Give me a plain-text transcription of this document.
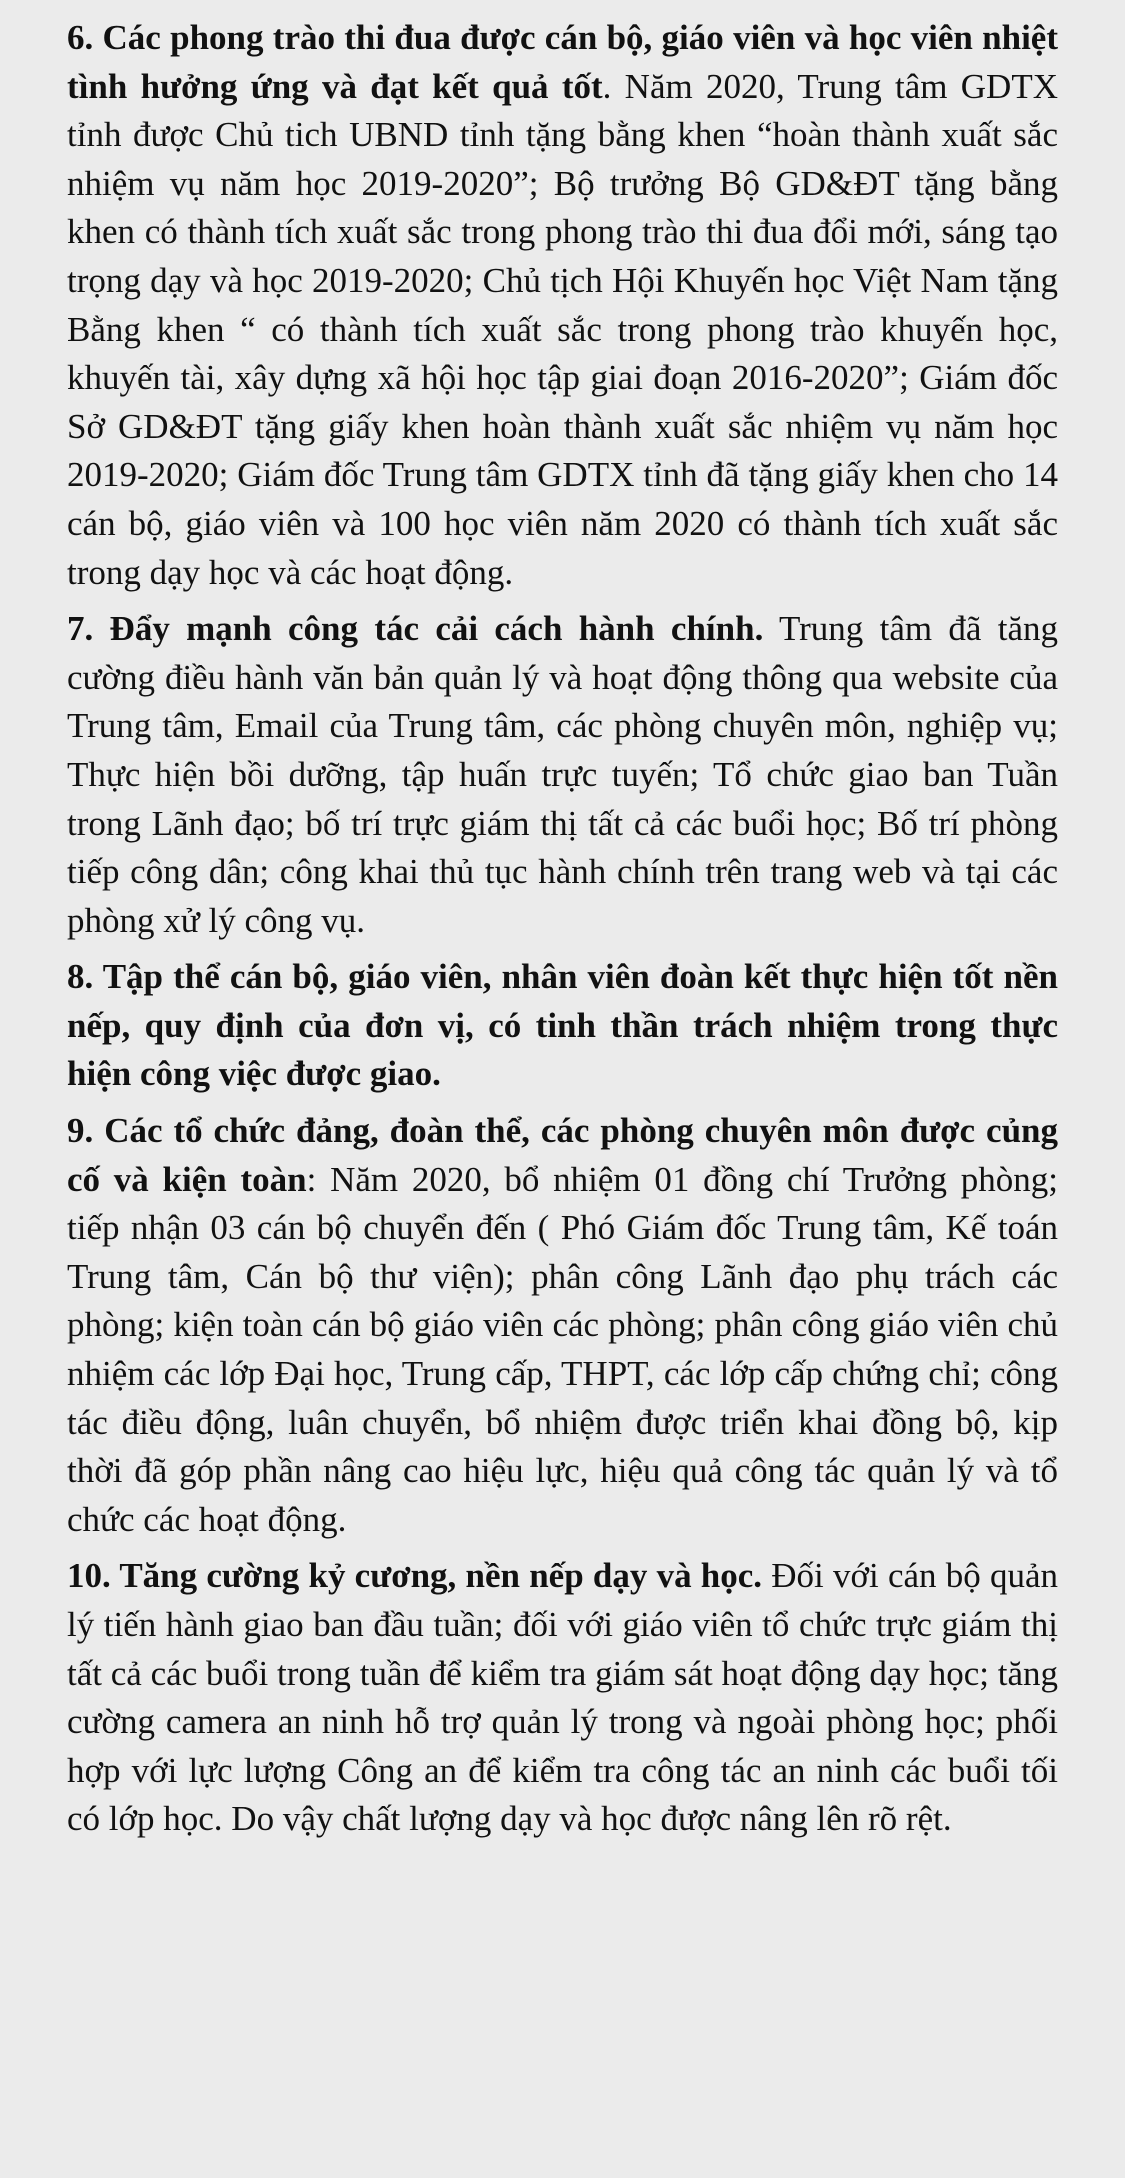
6. Các phong trào thi đua được cán bộ, giáo viên và học viên nhiệt tình hưởng ứng và đạt kết quả tốt. Năm 2020, Trung tâm GDTX tỉnh được Chủ tich UBND tỉnh tặng bằng khen “hoàn thành xuất sắc nhiệm vụ năm học 2019-2020”; Bộ trưởng Bộ GD&ĐT tặng bằng khen có thành tích xuất sắc trong phong trào thi đua đổi mới, sáng tạo trọng dạy và học 2019-2020; Chủ tịch Hội Khuyến học Việt Nam tặng Bằng khen “ có thành tích xuất sắc trong phong trào khuyến học, khuyến tài, xây dựng xã hội học tập giai đoạn 2016-2020”; Giám đốc Sở GD&ĐT tặng giấy khen hoàn thành xuất sắc nhiệm vụ năm học 2019-2020; Giám đốc Trung tâm GDTX tỉnh đã tặng giấy khen cho 14 cán bộ, giáo viên và 100 học viên năm 2020 có thành tích xuất sắc trong dạy học và các hoạt động.

7. Đẩy mạnh công tác cải cách hành chính. Trung tâm đã tăng cường điều hành văn bản quản lý và hoạt động thông qua website của Trung tâm, Email của Trung tâm, các phòng chuyên môn, nghiệp vụ; Thực hiện bồi dưỡng, tập huấn trực tuyến; Tổ chức giao ban Tuần trong Lãnh đạo; bố trí trực giám thị tất cả các buổi học; Bố trí phòng tiếp công dân; công khai thủ tục hành chính trên trang web và tại các phòng xử lý công vụ.

8. Tập thể cán bộ, giáo viên, nhân viên đoàn kết thực hiện tốt nền nếp, quy định của đơn vị, có tinh thần trách nhiệm trong thực hiện công việc được giao.

9. Các tổ chức đảng, đoàn thể, các phòng chuyên môn được củng cố và kiện toàn: Năm 2020, bổ nhiệm 01 đồng chí Trưởng phòng; tiếp nhận 03 cán bộ chuyển đến ( Phó Giám đốc Trung tâm, Kế toán Trung tâm, Cán bộ thư viện); phân công Lãnh đạo phụ trách các phòng; kiện toàn cán bộ giáo viên các phòng; phân công giáo viên chủ nhiệm các lớp Đại học, Trung cấp, THPT, các lớp cấp chứng chỉ; công tác điều động, luân chuyển, bổ nhiệm được triển khai đồng bộ, kịp thời đã góp phần nâng cao hiệu lực, hiệu quả công tác quản lý và tổ chức các hoạt động.

10. Tăng cường kỷ cương, nền nếp dạy và học. Đối với cán bộ quản lý tiến hành giao ban đầu tuần; đối với giáo viên tổ chức trực giám thị tất cả các buổi trong tuần để kiểm tra giám sát hoạt động dạy học; tăng cường camera an ninh hỗ trợ quản lý trong và ngoài phòng học; phối hợp với lực lượng Công an để kiểm tra công tác an ninh các buổi tối có lớp học. Do vậy chất lượng dạy và học được nâng lên rõ rệt.
